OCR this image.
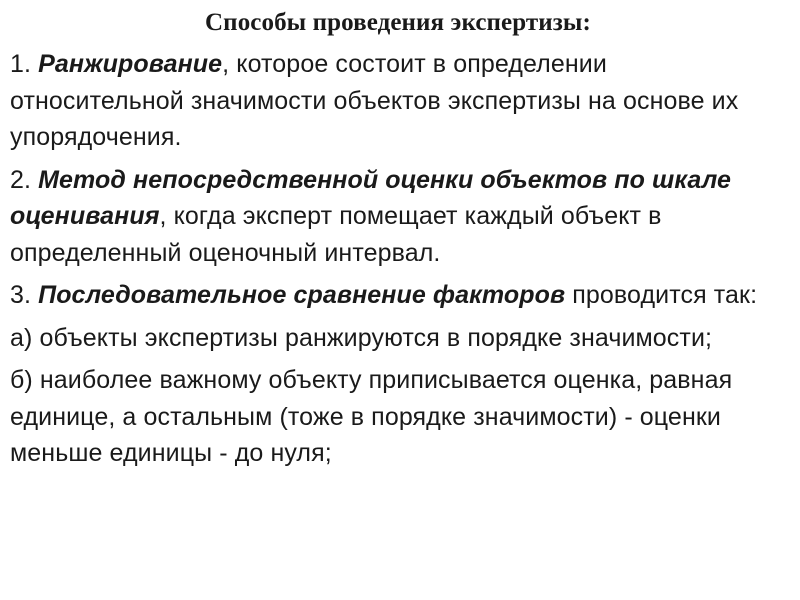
Способы проведения экспертизы:
1. Ранжирование, которое состоит в определении относительной значимости объектов экспертизы на основе их упорядочения.
2. Метод непосредственной оценки объектов по шкале оценивания, когда эксперт помещает каждый объект в определенный оценочный интервал.
3. Последовательное сравнение факторов проводится так:
а) объекты экспертизы ранжируются в порядке значимости;
б) наиболее важному объекту приписывается оценка, равная единице, а остальным (тоже в порядке значимости) - оценки меньше единицы - до нуля;
